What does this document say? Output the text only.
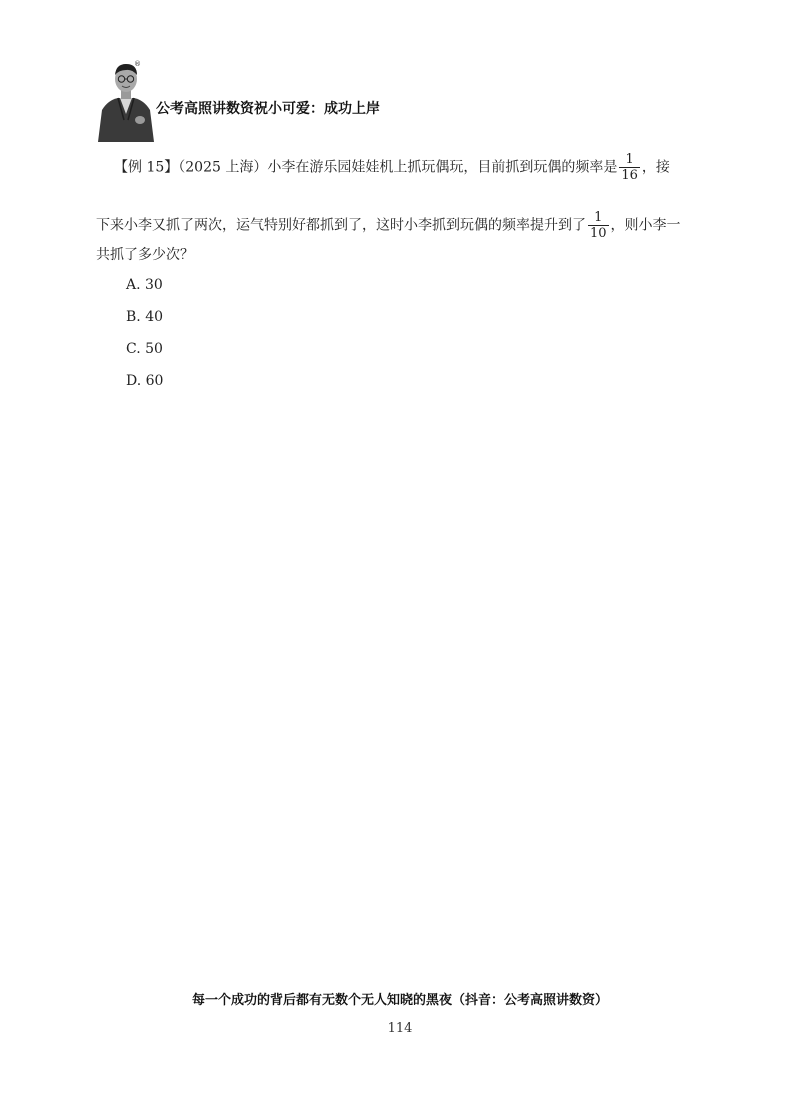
®
公考高照讲数资祝小可爱：成功上岸
【例 15】（2025 上海）小李在游乐园娃娃机上抓玩偶玩，目前抓到玩偶的频率是 $\frac{1}{16}$ ，接
下来小李又抓了两次，运气特别好都抓到了，这时小李抓到玩偶的频率提升到了 $\frac{1}{10}$ ，则小李一
共抓了多少次？
A. 30
B. 40
C. 50
D. 60
每一个成功的背后都有无数个无人知晓的黑夜（抖音：公考高照讲数资）
114
